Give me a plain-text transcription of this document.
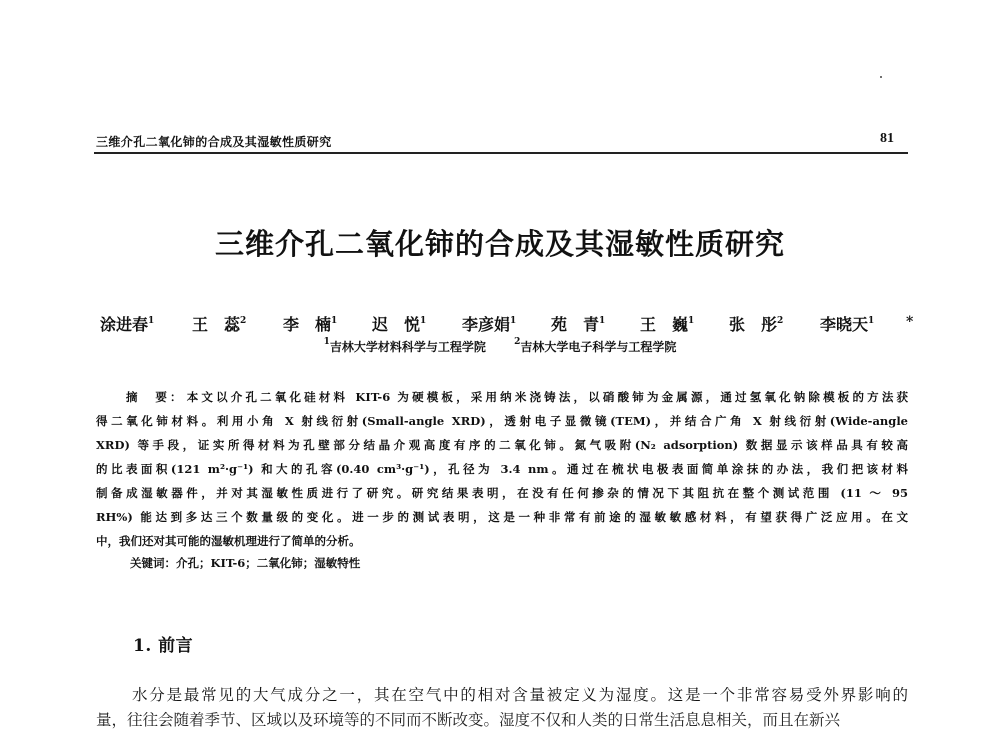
三维介孔二氧化铈的合成及其湿敏性质研究	81
三维介孔二氧化铈的合成及其湿敏性质研究
涂进春$^1$ 王　蕊$^2$ 李　楠$^1$ 迟　悦$^1$ 李彦娟$^1$ 苑　青$^1$ 王　巍$^1$ 张　彤$^2$ 李晓天$^1$ *
$^1$吉林大学材料科学与工程学院	$^2$吉林大学电子科学与工程学院
摘　要： 本文以介孔二氧化硅材料 KIT-6 为硬模板，采用纳米浇铸法，以硝酸铈为金属源，通过氢氧化钠除模板的方法获
得二氧化铈材料。利用小角 X 射线衍射(Small-angle XRD)，透射电子显微镜(TEM)，并结合广角 X 射线衍射(Wide-angle
XRD) 等手段，证实所得材料为孔壁部分结晶介观高度有序的二氧化铈。氮气吸附(N₂ adsorption) 数据显示该样品具有较高
的比表面积(121 m²·g⁻¹) 和大的孔容(0.40 cm³·g⁻¹)，孔径为 3.4 nm。通过在梳状电极表面简单涂抹的办法，我们把该材料
制备成湿敏器件，并对其湿敏性质进行了研究。研究结果表明，在没有任何掺杂的情况下其阻抗在整个测试范围 (11 ～ 95
RH%) 能达到多达三个数量级的变化。进一步的测试表明，这是一种非常有前途的湿敏敏感材料，有望获得广泛应用。在文
中，我们还对其可能的湿敏机理进行了简单的分析。
关键词：介孔；KIT-6；二氧化铈；湿敏特性
1. 前言
水分是最常见的大气成分之一，其在空气中的相对含量被定义为湿度。这是一个非常容易受外界影响的
量，往往会随着季节、区域以及环境等的不同而不断改变。湿度不仅和人类的日常生活息息相关，而且在新兴
